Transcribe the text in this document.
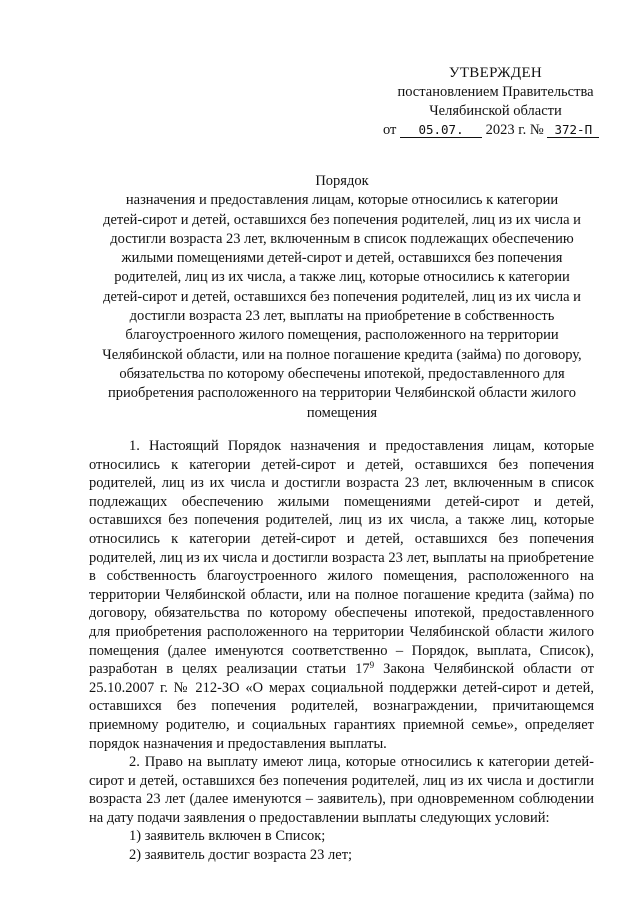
УТВЕРЖДЕН
постановлением Правительства
Челябинской области
от 05.07. 2023 г. № 372-П
Порядок
назначения и предоставления лицам, которые относились к категории
детей-сирот и детей, оставшихся без попечения родителей, лиц из их числа и
достигли возраста 23 лет, включенным в список подлежащих обеспечению
жилыми помещениями детей-сирот и детей, оставшихся без попечения
родителей, лиц из их числа, а также лиц, которые относились к категории
детей-сирот и детей, оставшихся без попечения родителей, лиц из их числа и
достигли возраста 23 лет, выплаты на приобретение в собственность
благоустроенного жилого помещения, расположенного на территории
Челябинской области, или на полное погашение кредита (займа) по договору,
обязательства по которому обеспечены ипотекой, предоставленного для
приобретения расположенного на территории Челябинской области жилого
помещения

1. Настоящий Порядок назначения и предоставления лицам, которые относились к категории детей-сирот и детей, оставшихся без попечения родителей, лиц из их числа и достигли возраста 23 лет, включенным в список подлежащих обеспечению жилыми помещениями детей-сирот и детей, оставшихся без попечения родителей, лиц из их числа, а также лиц, которые относились к категории детей-сирот и детей, оставшихся без попечения родителей, лиц из их числа и достигли возраста 23 лет, выплаты на приобретение в собственность благоустроенного жилого помещения, расположенного на территории Челябинской области, или на полное погашение кредита (займа) по договору, обязательства по которому обеспечены ипотекой, предоставленного для приобретения расположенного на территории Челябинской области жилого помещения (далее именуются соответственно – Порядок, выплата, Список), разработан в целях реализации статьи $17^9$ Закона Челябинской области от 25.10.2007 г. № 212-ЗО «О мерах социальной поддержки детей-сирот и детей, оставшихся без попечения родителей, вознаграждении, причитающемся приемному родителю, и социальных гарантиях приемной семье», определяет порядок назначения и предоставления выплаты.

2. Право на выплату имеют лица, которые относились к категории детей-сирот и детей, оставшихся без попечения родителей, лиц из их числа и достигли возраста 23 лет (далее именуются – заявитель), при одновременном соблюдении на дату подачи заявления о предоставлении выплаты следующих условий:

1) заявитель включен в Список;

2) заявитель достиг возраста 23 лет;
